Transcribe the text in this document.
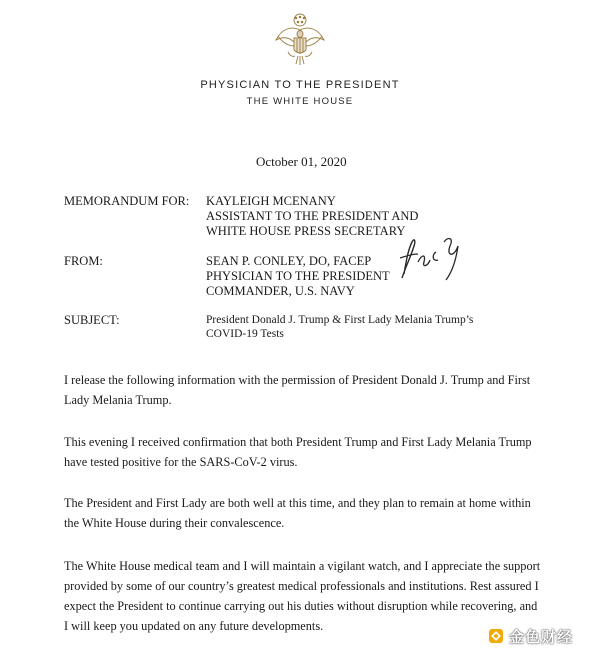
PHYSICIAN TO THE PRESIDENT
THE WHITE HOUSE
October 01, 2020
MEMORANDUM FOR:	KAYLEIGH MCENANY
ASSISTANT TO THE PRESIDENT AND
WHITE HOUSE PRESS SECRETARY
FROM:	SEAN P. CONLEY, DO, FACEP
PHYSICIAN TO THE PRESIDENT
COMMANDER, U.S. NAVY
SUBJECT:	President Donald J. Trump & First Lady Melania Trump’s
COVID-19 Tests
I release the following information with the permission of President Donald J. Trump and First
Lady Melania Trump.
This evening I received confirmation that both President Trump and First Lady Melania Trump
have tested positive for the SARS-CoV-2 virus.
The President and First Lady are both well at this time, and they plan to remain at home within
the White House during their convalescence.
The White House medical team and I will maintain a vigilant watch, and I appreciate the support
provided by some of our country’s greatest medical professionals and institutions. Rest assured I
expect the President to continue carrying out his duties without disruption while recovering, and
I will keep you updated on any future developments.
金色财经
